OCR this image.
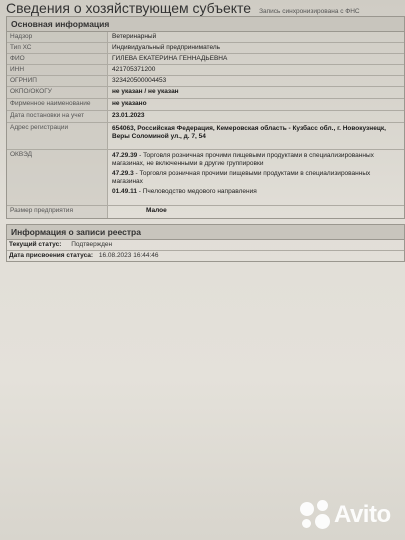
Сведения о хозяйствующем субъекте Запись синхронизирована с ФНС
Основная информация
Надзор	Ветеринарный
Тип ХС	Индивидуальный предприниматель
ФИО	ГИЛЕВА ЕКАТЕРИНА ГЕННАДЬЕВНА
ИНН	421705371200
ОГРНИП	323420500004453
ОКПО/ОКОГУ	не указан / не указан
Фирменное наименование	не указано
Дата постановки на учет	23.01.2023
Адрес регистрации	654063, Российская Федерация, Кемеровская область - Кузбасс обл., г. Новокузнецк, Веры Соломиной ул., д. 7, 54
ОКВЭД	47.29.39 - Торговля розничная прочими пищевыми продуктами в специализированных магазинах, не включенными в другие группировки
47.29.3 - Торговля розничная прочими пищевыми продуктами в специализированных магазинах
01.49.11 - Пчеловодство медового направления
Размер предприятия	Малое
Информация о записи реестра
Текущий статус: Подтвержден
Дата присвоения статуса: 16.08.2023 16:44:46
Avito
